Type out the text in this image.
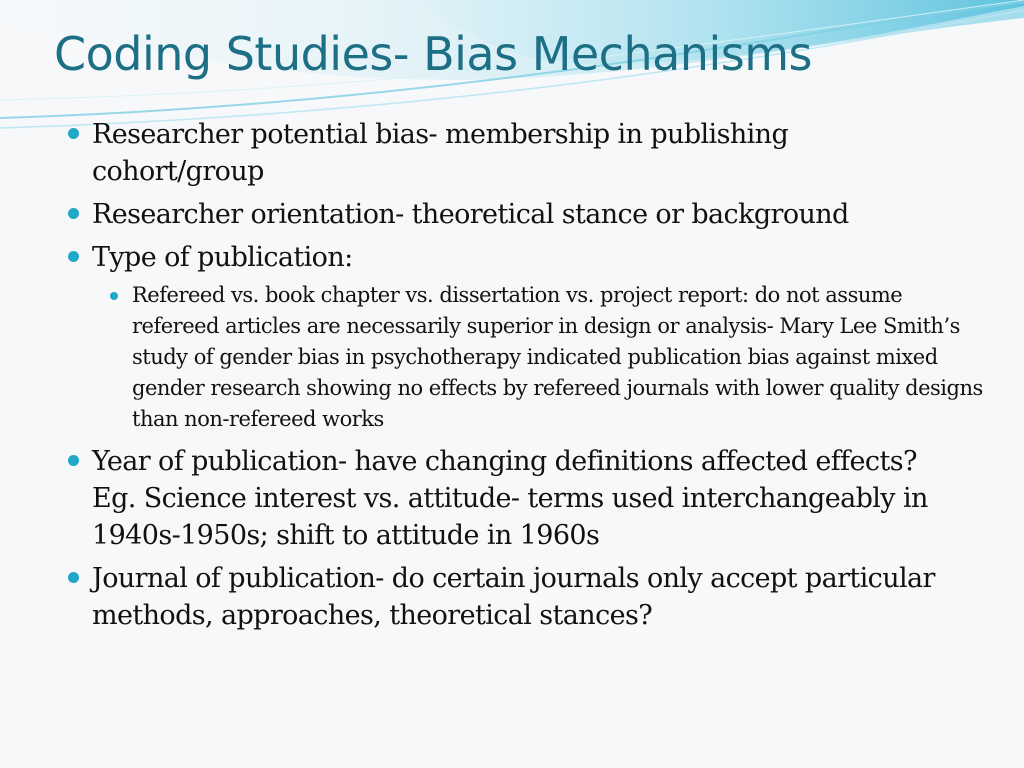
Coding Studies- Bias Mechanisms
Researcher potential bias- membership in publishing cohort/group
Researcher orientation- theoretical stance or background
Type of publication:
Refereed vs. book chapter vs. dissertation vs. project report: do not assume refereed articles are necessarily superior in design or analysis- Mary Lee Smith’s study of gender bias in psychotherapy indicated publication bias against mixed gender research showing no effects by refereed journals with lower quality designs than non-refereed works
Year of publication- have changing definitions affected effects? Eg. Science interest vs. attitude- terms used interchangeably in 1940s-1950s; shift to attitude in 1960s
Journal of publication- do certain journals only accept particular methods, approaches, theoretical stances?
